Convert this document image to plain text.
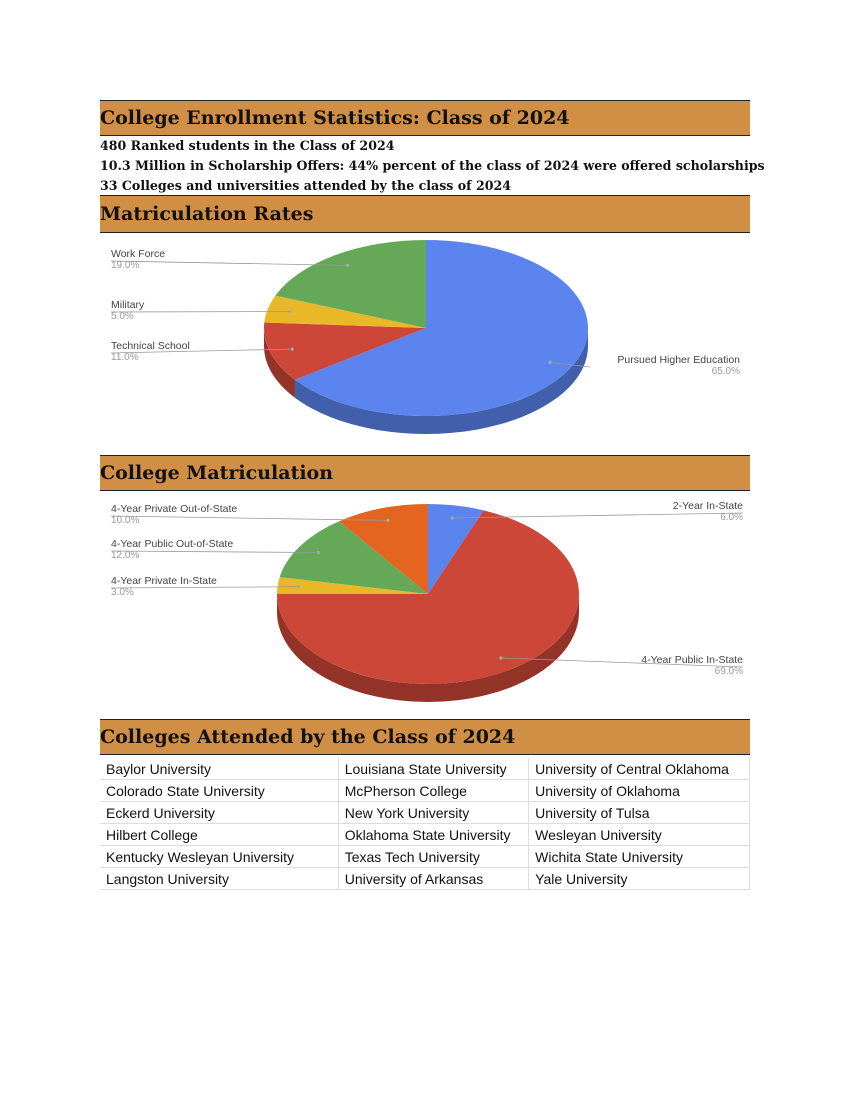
College Enrollment Statistics: Class of 2024
480 Ranked students in the Class of 2024
10.3 Million in Scholarship Offers: 44% percent of the class of 2024 were offered scholarships
33 Colleges and universities attended by the class of 2024
Matriculation Rates
Pursued Higher Education
65.0%
Technical School
11.0%
Military
5.0%
Work Force
19.0%
College Matriculation
2-Year In-State
6.0%
4-Year Public In-State
69.0%
4-Year Private In-State
3.0%
4-Year Public Out-of-State
12.0%
4-Year Private Out-of-State
10.0%
Colleges Attended by the Class of 2024
Baylor University	Louisiana State University	University of Central Oklahoma
Colorado State University	McPherson College	University of Oklahoma
Eckerd University	New York University	University of Tulsa
Hilbert College	Oklahoma State University	Wesleyan University
Kentucky Wesleyan University	Texas Tech University	Wichita State University
Langston University	University of Arkansas	Yale University
